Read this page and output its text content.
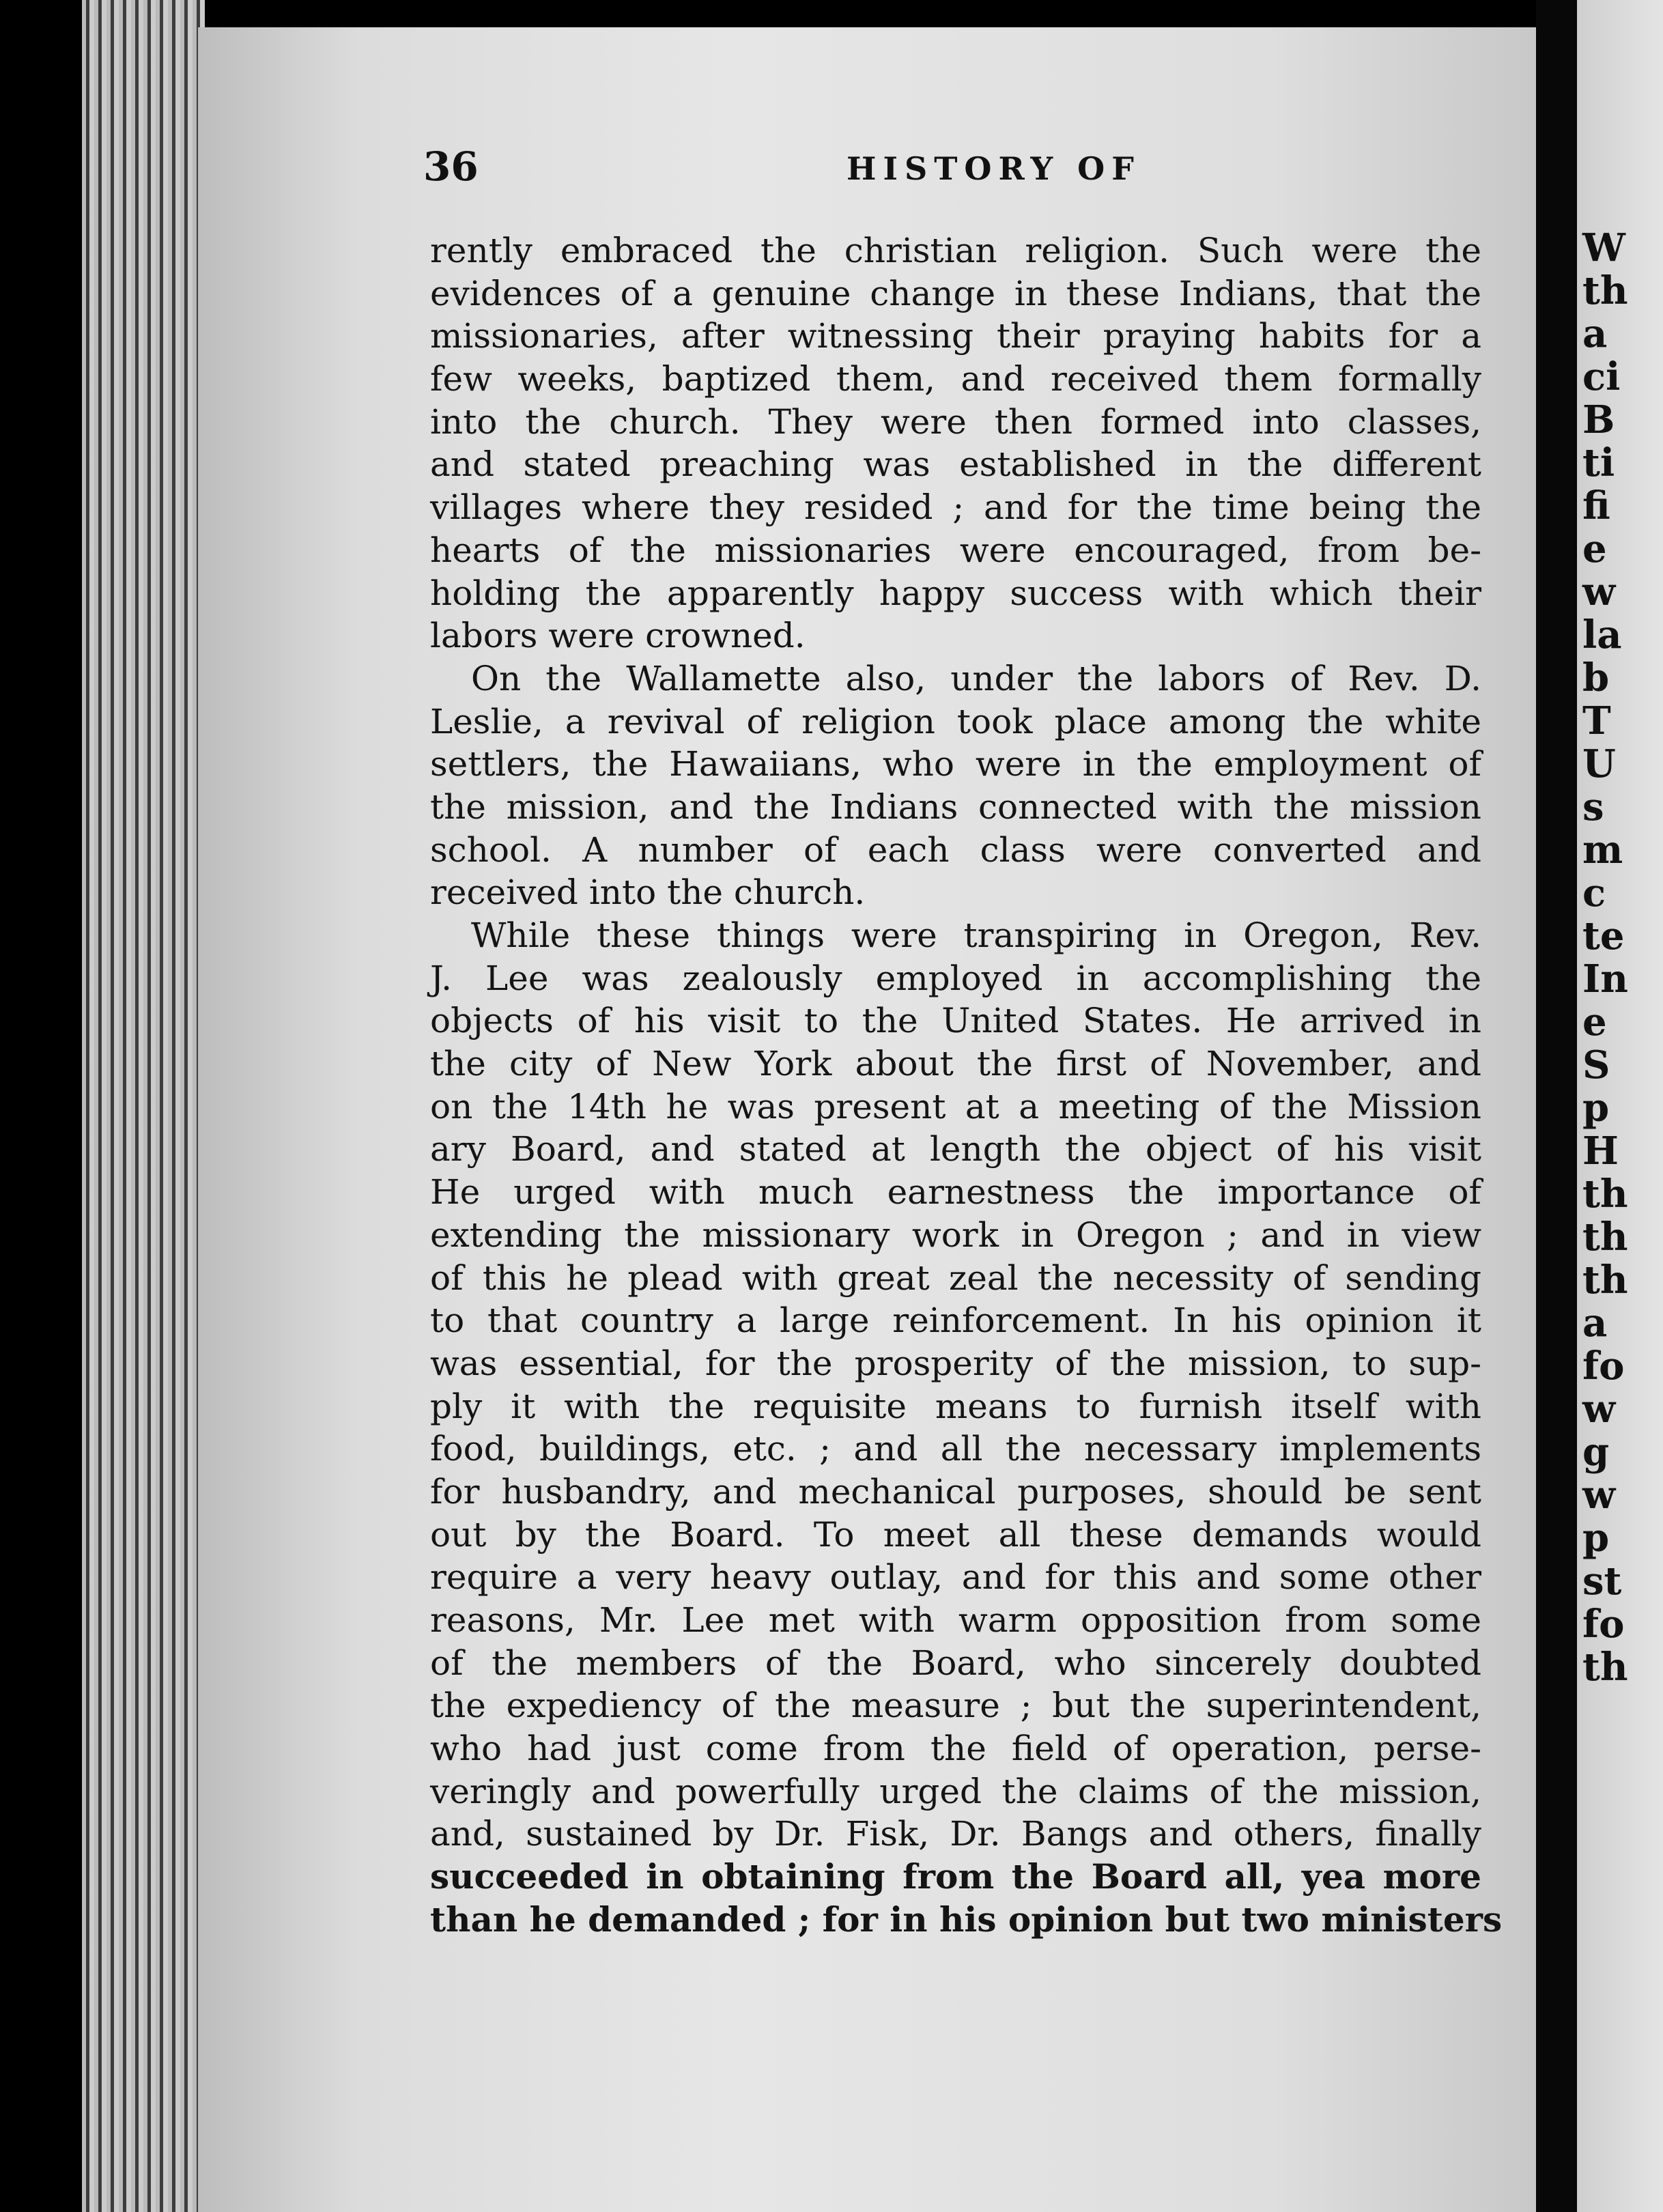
W
th
a
ci
B
ti
fi
e
w
la
b
T
U
s
m
c
te
In
e
S
p
H
th
th
th
a
fo
w
g
w
p
st
fo
th
36	HISTORY OF
rently embraced the christian religion. Such were the
evidences of a genuine change in these Indians, that the
missionaries, after witnessing their praying habits for a
few weeks, baptized them, and received them formally
into the church. They were then formed into classes,
and stated preaching was established in the different
villages where they resided ; and for the time being the
hearts of the missionaries were encouraged, from be-
holding the apparently happy success with which their
labors were crowned.
On the Wallamette also, under the labors of Rev. D.
Leslie, a revival of religion took place among the white
settlers, the Hawaiians, who were in the employment of
the mission, and the Indians connected with the mission
school. A number of each class were converted and
received into the church.
While these things were transpiring in Oregon, Rev.
J. Lee was zealously employed in accomplishing the
objects of his visit to the United States. He arrived in
the city of New York about the first of November, and
on the 14th he was present at a meeting of the Mission
ary Board, and stated at length the object of his visit
He urged with much earnestness the importance of
extending the missionary work in Oregon ; and in view
of this he plead with great zeal the necessity of sending
to that country a large reinforcement. In his opinion it
was essential, for the prosperity of the mission, to sup-
ply it with the requisite means to furnish itself with
food, buildings, etc. ; and all the necessary implements
for husbandry, and mechanical purposes, should be sent
out by the Board. To meet all these demands would
require a very heavy outlay, and for this and some other
reasons, Mr. Lee met with warm opposition from some
of the members of the Board, who sincerely doubted
the expediency of the measure ; but the superintendent,
who had just come from the field of operation, perse-
veringly and powerfully urged the claims of the mission,
and, sustained by Dr. Fisk, Dr. Bangs and others, finally
succeeded in obtaining from the Board all, yea more
than he demanded ; for in his opinion but two ministers
